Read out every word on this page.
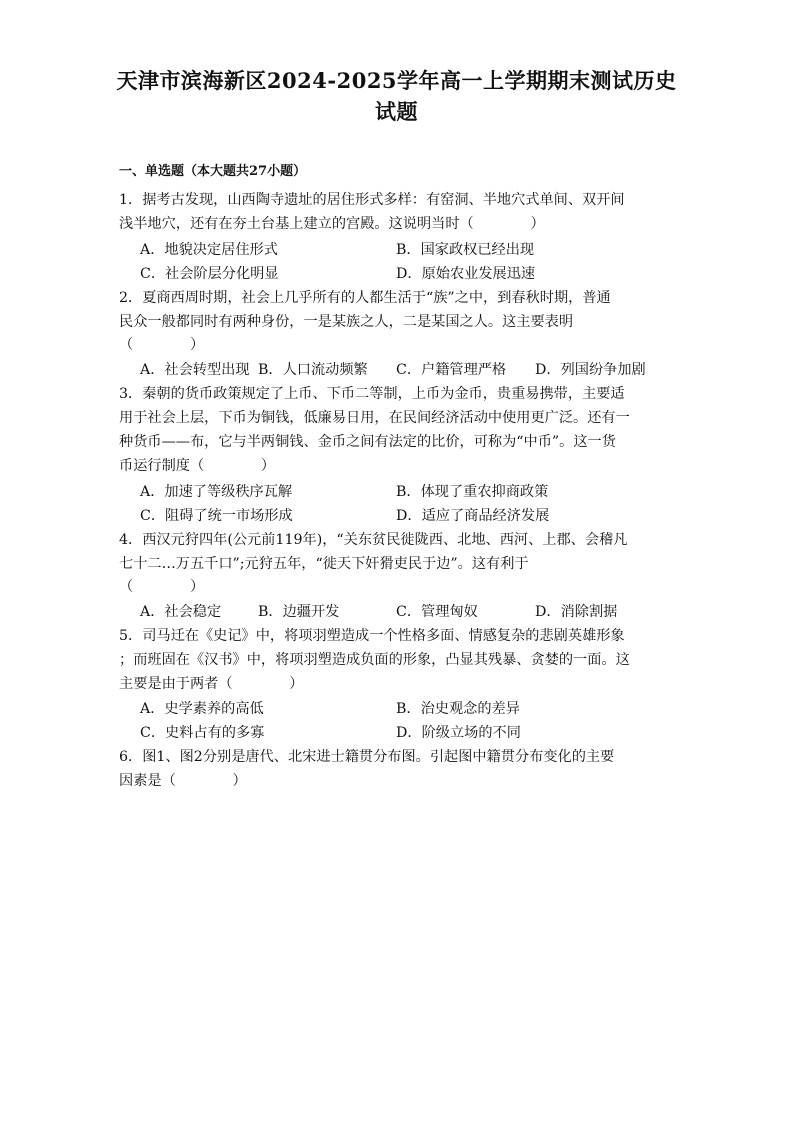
天津市滨海新区2024-2025学年高一上学期期末测试历史
试题
一、单选题（本大题共27小题）
1．据考古发现，山西陶寺遗址的居住形式多样：有窑洞、半地穴式单间、双开间
浅半地穴，还有在夯土台基上建立的宫殿。这说明当时（　　　　）
A．地貌决定居住形式	B．国家政权已经出现
C．社会阶层分化明显	D．原始农业发展迅速
2．夏商西周时期，社会上几乎所有的人都生活于“族”之中，到春秋时期，普通
民众一般都同时有两种身份，一是某族之人，二是某国之人。这主要表明
（　　　　）
A．社会转型出现 B．人口流动频繁 C．户籍管理严格 D．列国纷争加剧
3．秦朝的货币政策规定了上币、下币二等制，上币为金币，贵重易携带，主要适
用于社会上层，下币为铜钱，低廉易日用，在民间经济活动中使用更广泛。还有一
种货币——布，它与半两铜钱、金币之间有法定的比价，可称为“中币”。这一货
币运行制度（　　　　）
A．加速了等级秩序瓦解	B．体现了重农抑商政策
C．阻碍了统一市场形成	D．适应了商品经济发展
4．西汉元狩四年(公元前119年)，“关东贫民徙陇西、北地、西河、上郡、会稽凡
七十二…万五千口”;元狩五年，“徙天下奸猾吏民于边”。这有利于
（　　　　）
A．社会稳定	B．边疆开发	C．管理匈奴	D．消除割据
5．司马迁在《史记》中，将项羽塑造成一个性格多面、情感复杂的悲剧英雄形象
；而班固在《汉书》中，将项羽塑造成负面的形象，凸显其残暴、贪婪的一面。这
主要是由于两者（　　　　）
A．史学素养的高低	B．治史观念的差异
C．史料占有的多寡	D．阶级立场的不同
6．图1、图2分别是唐代、北宋进士籍贯分布图。引起图中籍贯分布变化的主要
因素是（　　　　）
